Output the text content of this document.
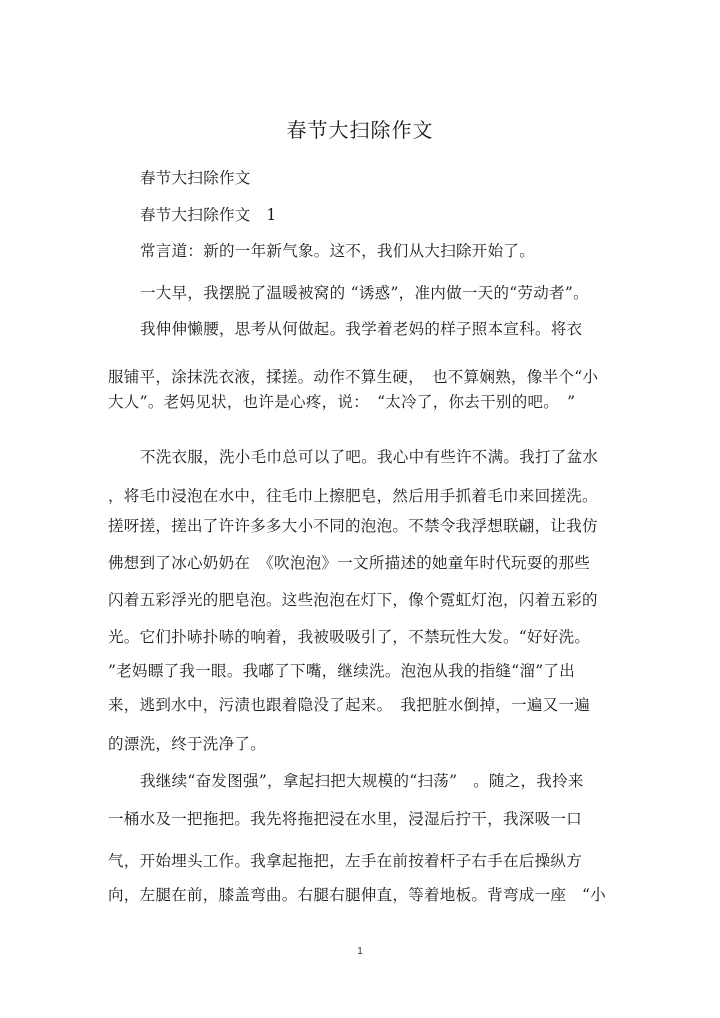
春节大扫除作文
春节大扫除作文
春节大扫除作文　1
常言道：新的一年新气象。这不，我们从大扫除开始了。
一大早，我摆脱了温暖被窝的 “诱惑”，准内做一天的“劳动者”。
我伸伸懒腰，思考从何做起。我学着老妈的样子照本宣科。将衣
服铺平，涂抹洗衣液，揉搓。动作不算生硬，　也不算娴熟，像半个“小
大人”。老妈见状，也许是心疼，说：　“太冷了，你去干别的吧。　”
不洗衣服，洗小毛巾总可以了吧。我心中有些许不满。我打了盆水
，将毛巾浸泡在水中，往毛巾上擦肥皂，然后用手抓着毛巾来回搓洗。
搓呀搓，搓出了许许多多大小不同的泡泡。不禁令我浮想联翩，让我仿
佛想到了冰心奶奶在　《吹泡泡》一文所描述的她童年时代玩耍的那些
闪着五彩浮光的肥皂泡。这些泡泡在灯下，像个霓虹灯泡，闪着五彩的
光。它们扑哧扑哧的响着，我被吸吸引了，不禁玩性大发。“好好洗。
”老妈瞟了我一眼。我嘟了下嘴，继续洗。泡泡从我的指缝“溜”了出
来，逃到水中，污渍也跟着隐没了起来。　我把脏水倒掉，一遍又一遍
的漂洗，终于洗净了。
我继续“奋发图强”，拿起扫把大规模的“扫荡”　。随之，我拎来
一桶水及一把拖把。我先将拖把浸在水里，浸湿后拧干，我深吸一口
气，开始埋头工作。我拿起拖把，左手在前按着杆子右手在后操纵方
向，左腿在前，膝盖弯曲。右腿右腿伸直，等着地板。背弯成一座　“小
1
